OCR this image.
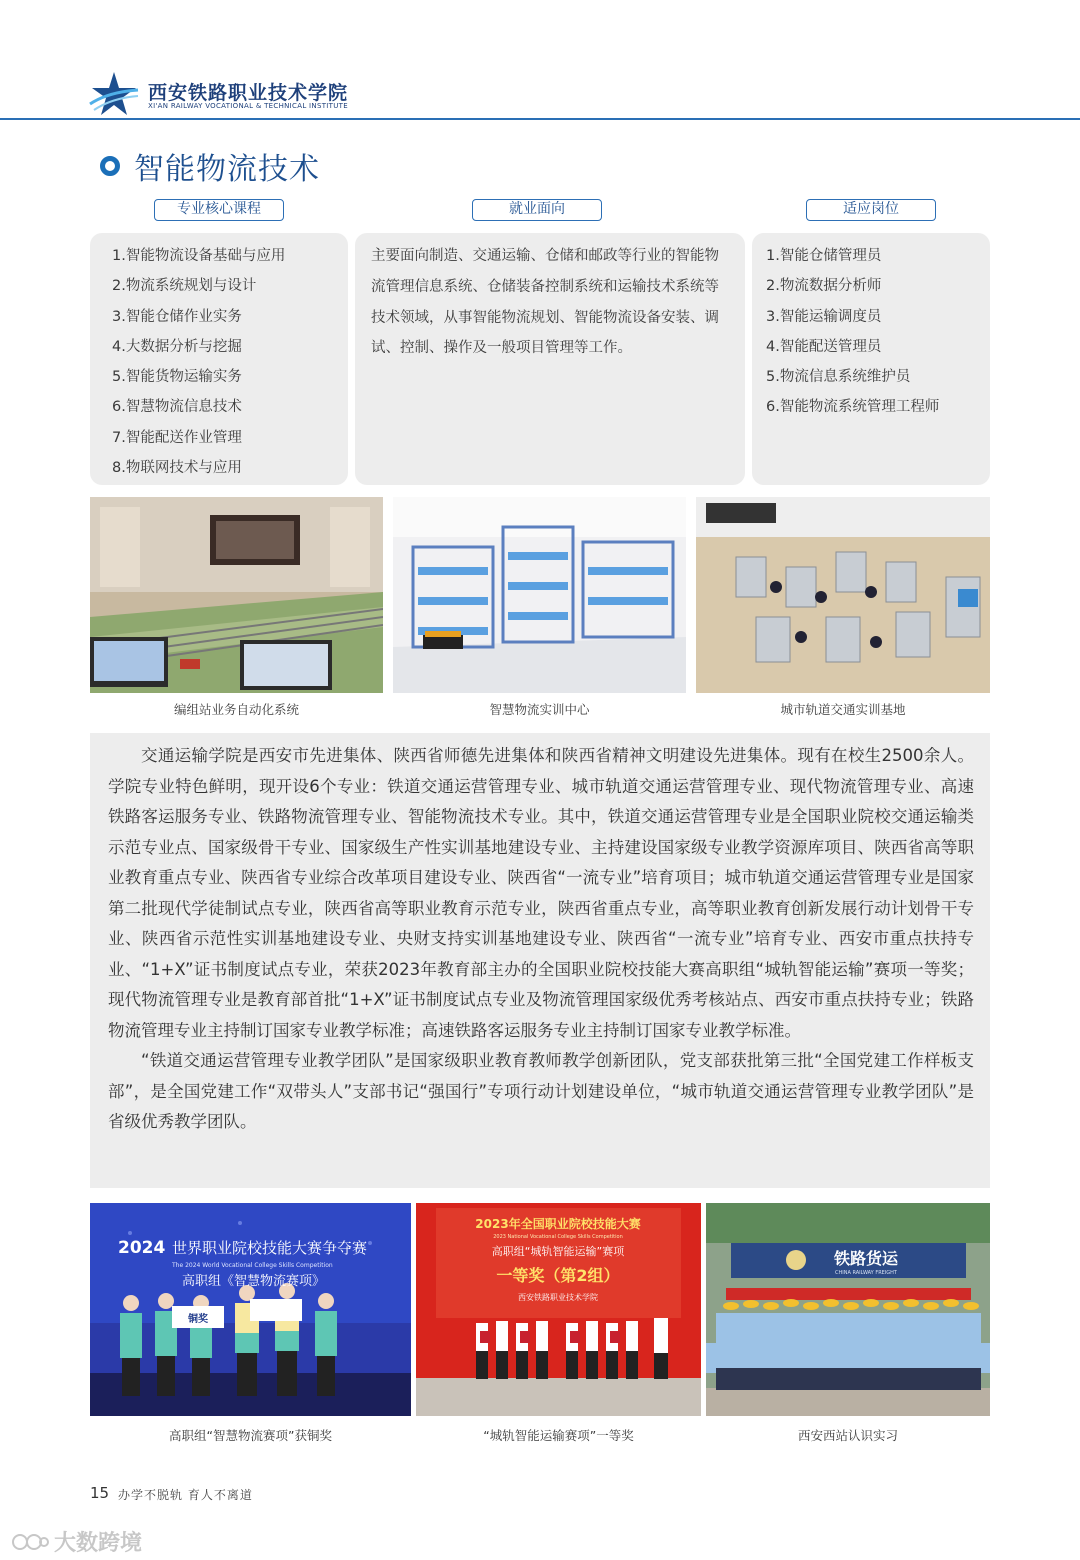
西安铁路职业技术学院
XI'AN RAILWAY VOCATIONAL & TECHNICAL INSTITUTE
智能物流技术
专业核心课程	就业面向	适应岗位
1.智能物流设备基础与应用
2.物流系统规划与设计
3.智能仓储作业实务
4.大数据分析与挖掘
5.智能货物运输实务
6.智慧物流信息技术
7.智能配送作业管理
8.物联网技术与应用
主要面向制造、交通运输、仓储和邮政等行业的智能物流管理信息系统、仓储装备控制系统和运输技术系统等技术领域，从事智能物流规划、智能物流设备安装、调试、控制、操作及一般项目管理等工作。
1.智能仓储管理员
2.物流数据分析师
3.智能运输调度员
4.智能配送管理员
5.物流信息系统维护员
6.智能物流系统管理工程师
编组站业务自动化系统	智慧物流实训中心	城市轨道交通实训基地

交通运输学院是西安市先进集体、陕西省师德先进集体和陕西省精神文明建设先进集体。现有在校生2500余人。学院专业特色鲜明，现开设6个专业：铁道交通运营管理专业、城市轨道交通运营管理专业、现代物流管理专业、高速铁路客运服务专业、铁路物流管理专业、智能物流技术专业。其中，铁道交通运营管理专业是全国职业院校交通运输类示范专业点、国家级骨干专业、国家级生产性实训基地建设专业、主持建设国家级专业教学资源库项目、陕西省高等职业教育重点专业、陕西省专业综合改革项目建设专业、陕西省“一流专业”培育项目；城市轨道交通运营管理专业是国家第二批现代学徒制试点专业，陕西省高等职业教育示范专业，陕西省重点专业，高等职业教育创新发展行动计划骨干专业、陕西省示范性实训基地建设专业、央财支持实训基地建设专业、陕西省“一流专业”培育专业、西安市重点扶持专业、“1+X”证书制度试点专业，荣获2023年教育部主办的全国职业院校技能大赛高职组“城轨智能运输”赛项一等奖；现代物流管理专业是教育部首批“1+X”证书制度试点专业及物流管理国家级优秀考核站点、西安市重点扶持专业；铁路物流管理专业主持制订国家专业教学标准；高速铁路客运服务专业主持制订国家专业教学标准。

“铁道交通运营管理专业教学团队”是国家级职业教育教师教学创新团队，党支部获批第三批“全国党建工作样板支部”，是全国党建工作“双带头人”支部书记“强国行”专项行动计划建设单位，“城市轨道交通运营管理专业教学团队”是省级优秀教学团队。

2024 世界职业院校技能大赛争夺赛
The 2024 World Vocational College Skills Competition
高职组《智慧物流赛项》
铜奖
高职组“智慧物流赛项”获铜奖
2023年全国职业院校技能大赛
2023 National Vocational College Skills Competition
高职组“城轨智能运输”赛项
一等奖（第2组）
西安铁路职业技术学院
“城轨智能运输赛项”一等奖
铁路货运
CHINA RAILWAY FREIGHT
西安西站认识实习
15 办学不脱轨 育人不离道
大数跨境
